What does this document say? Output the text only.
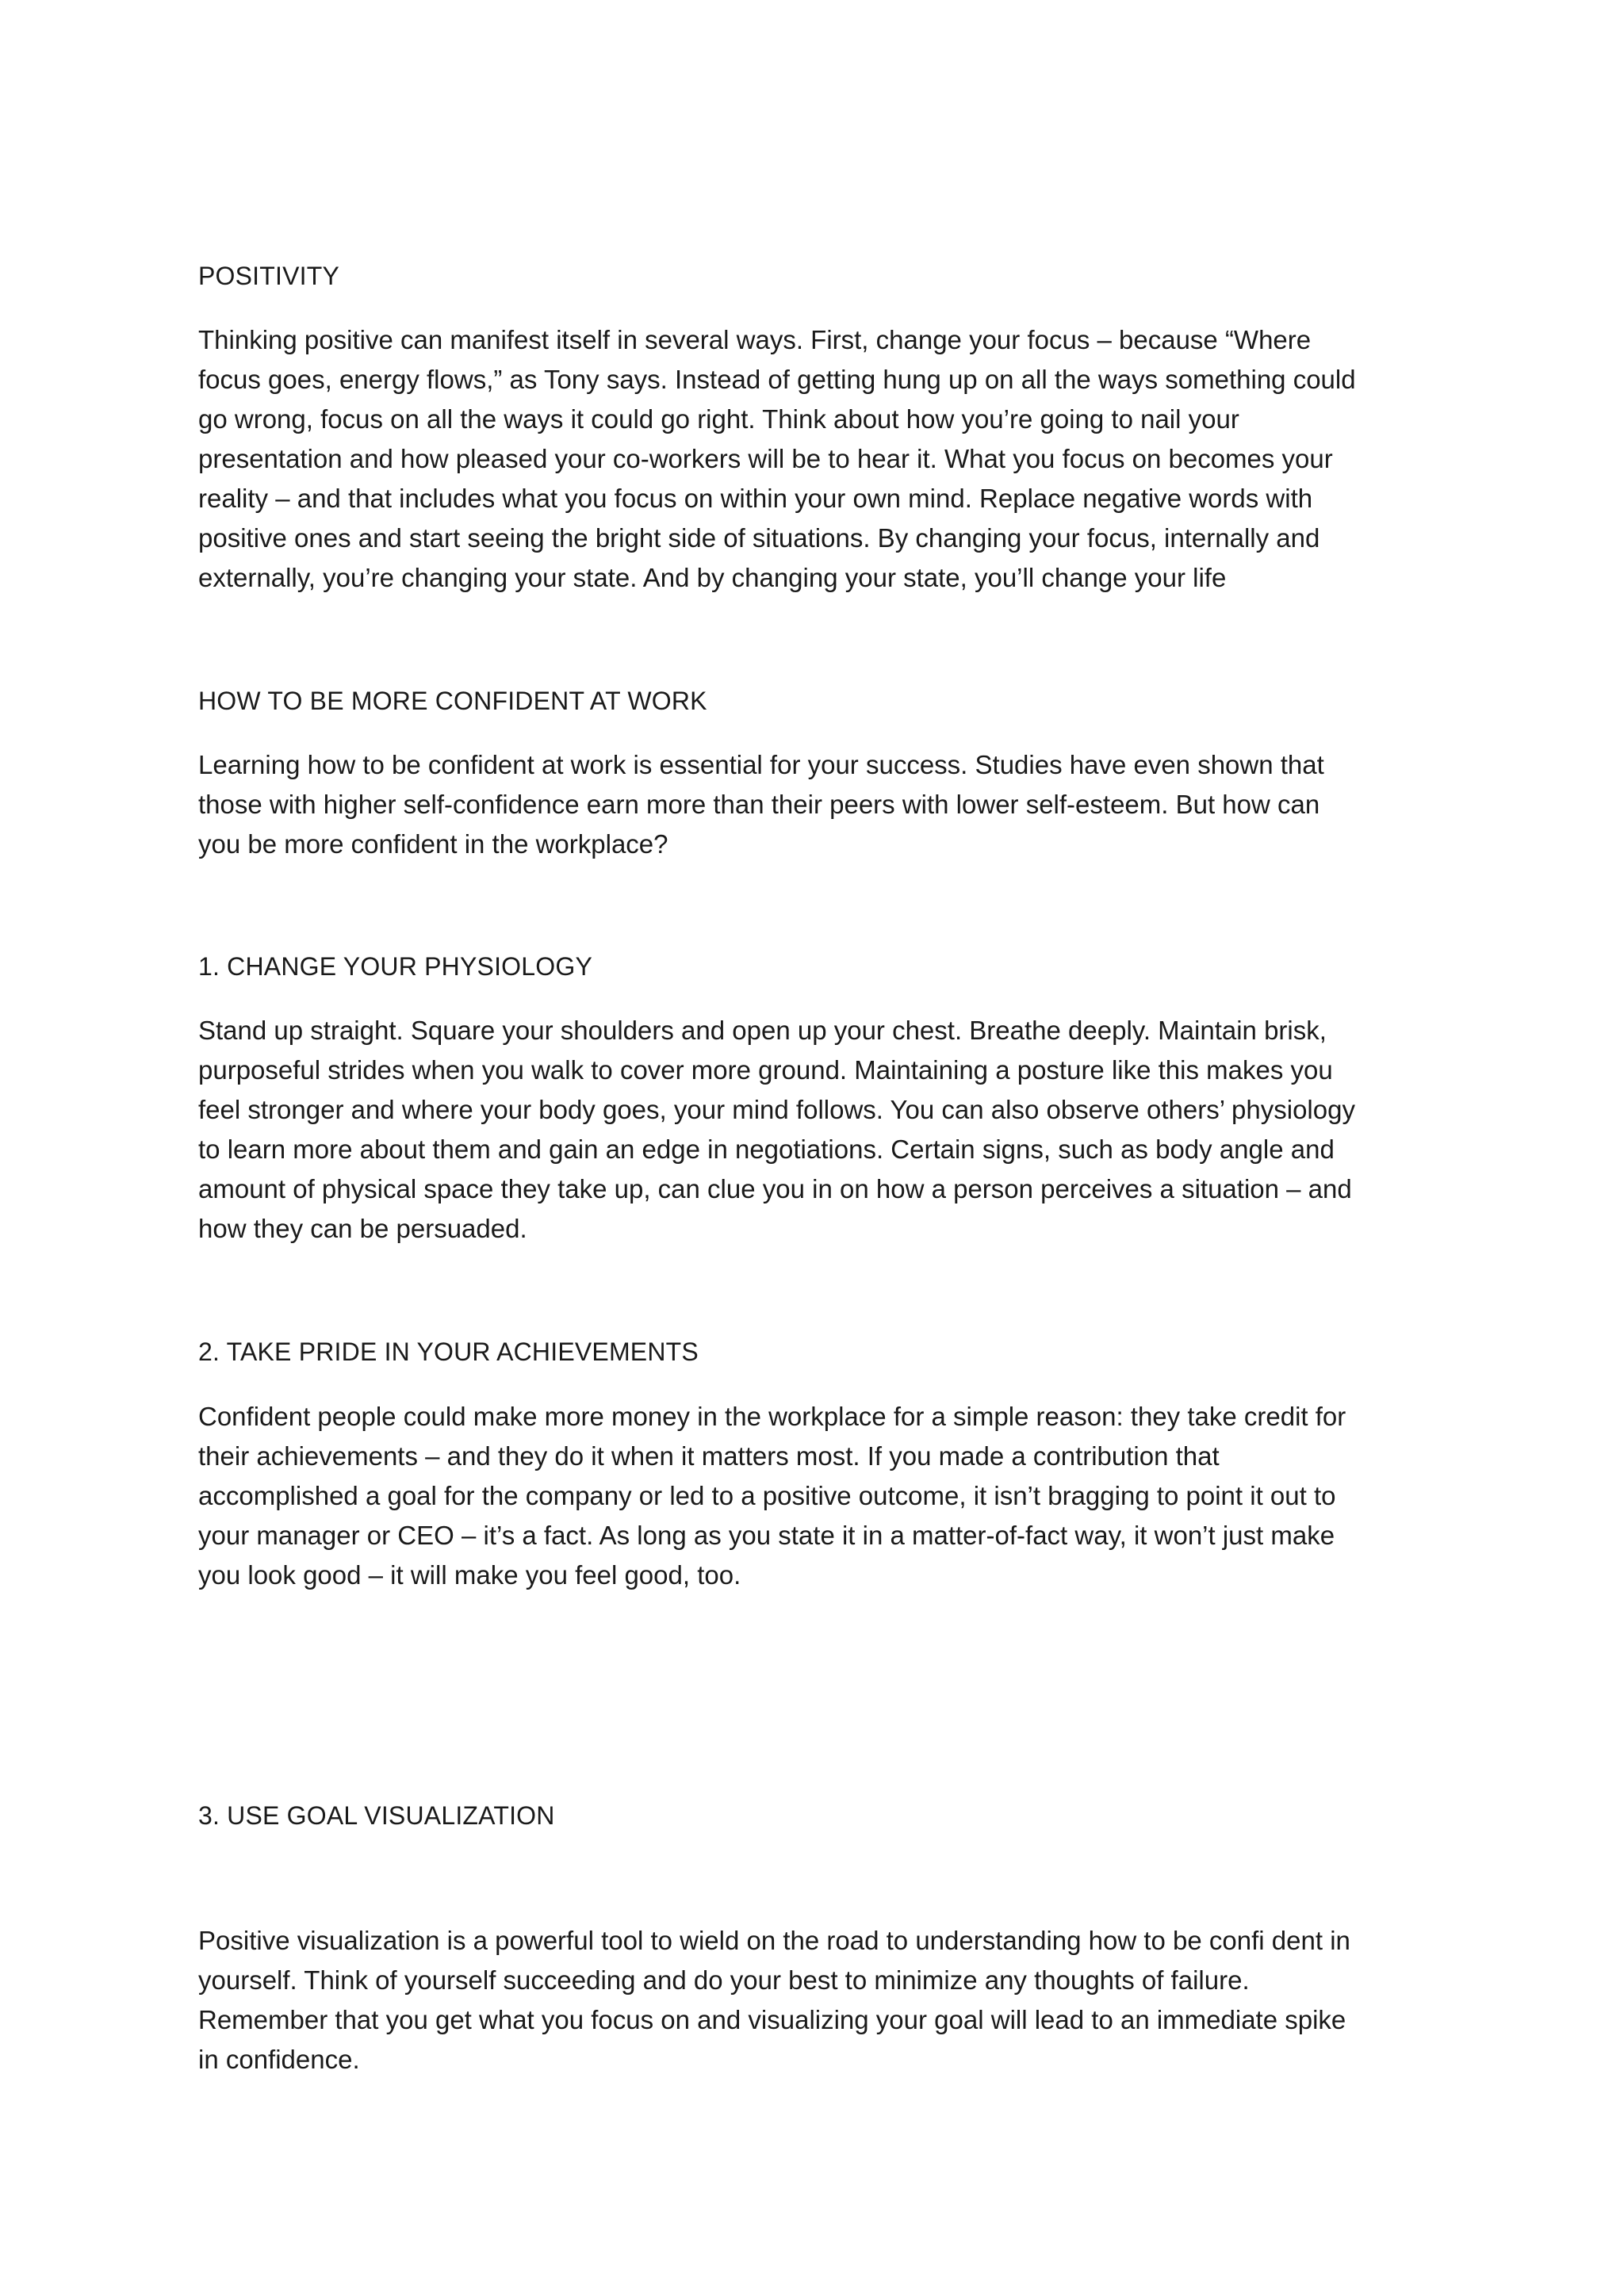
POSITIVITY
Thinking positive can manifest itself in several ways. First, change your focus – because “Where
focus goes, energy flows,” as Tony says. Instead of getting hung up on all the ways something could
go wrong, focus on all the ways it could go right. Think about how you’re going to nail your
presentation and how pleased your co-workers will be to hear it. What you focus on becomes your
reality – and that includes what you focus on within your own mind. Replace negative words with
positive ones and start seeing the bright side of situations. By changing your focus, internally and
externally, you’re changing your state. And by changing your state, you’ll change your life
HOW TO BE MORE CONFIDENT AT WORK
Learning how to be confident at work is essential for your success. Studies have even shown that
those with higher self-confidence earn more than their peers with lower self-esteem. But how can
you be more confident in the workplace?
1. CHANGE YOUR PHYSIOLOGY
Stand up straight. Square your shoulders and open up your chest. Breathe deeply. Maintain brisk,
purposeful strides when you walk to cover more ground. Maintaining a posture like this makes you
feel stronger and where your body goes, your mind follows. You can also observe others’ physiology
to learn more about them and gain an edge in negotiations. Certain signs, such as body angle and
amount of physical space they take up, can clue you in on how a person perceives a situation – and
how they can be persuaded.
2. TAKE PRIDE IN YOUR ACHIEVEMENTS
Confident people could make more money in the workplace for a simple reason: they take credit for
their achievements – and they do it when it matters most. If you made a contribution that
accomplished a goal for the company or led to a positive outcome, it isn’t bragging to point it out to
your manager or CEO – it’s a fact. As long as you state it in a matter-of-fact way, it won’t just make
you look good – it will make you feel good, too.
3. USE GOAL VISUALIZATION
Positive visualization is a powerful tool to wield on the road to understanding how to be confi dent in
yourself. Think of yourself succeeding and do your best to minimize any thoughts of failure.
Remember that you get what you focus on and visualizing your goal will lead to an immediate spike
in confidence.
